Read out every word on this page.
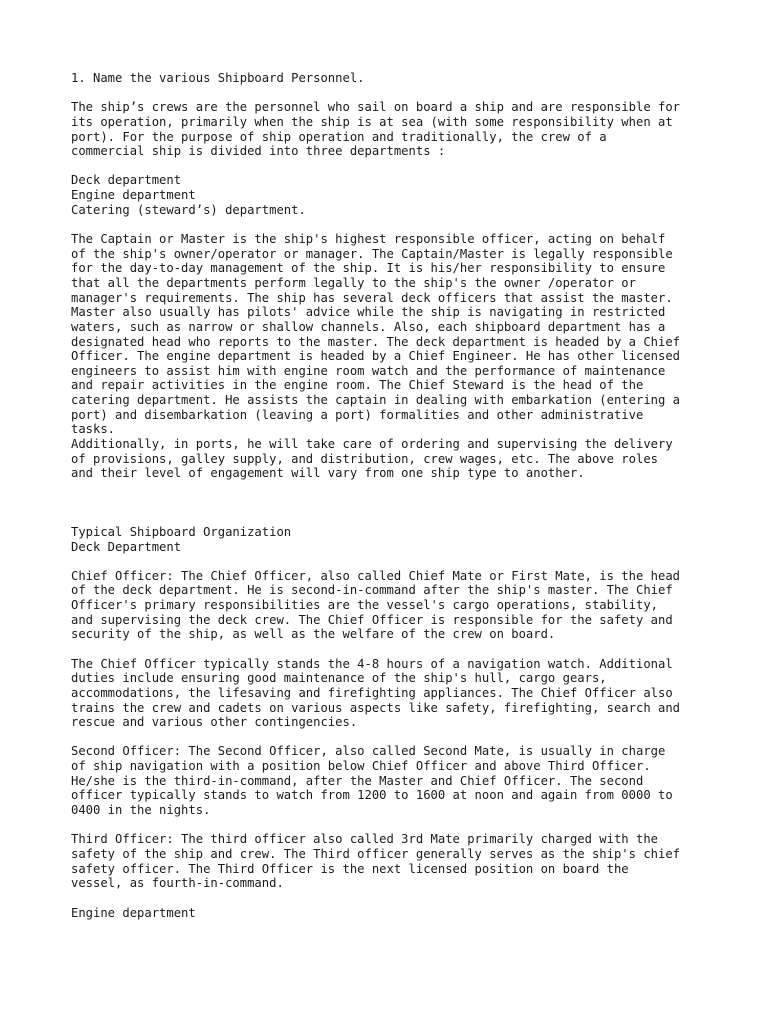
1. Name the various Shipboard Personnel.
The ship’s crews are the personnel who sail on board a ship and are responsible for
its operation, primarily when the ship is at sea (with some responsibility when at
port). For the purpose of ship operation and traditionally, the crew of a
commercial ship is divided into three departments :
Deck department
Engine department
Catering (steward’s) department.
The Captain or Master is the ship's highest responsible officer, acting on behalf
of the ship's owner/operator or manager. The Captain/Master is legally responsible
for the day-to-day management of the ship. It is his/her responsibility to ensure
that all the departments perform legally to the ship's the owner /operator or
manager's requirements. The ship has several deck officers that assist the master.
Master also usually has pilots' advice while the ship is navigating in restricted
waters, such as narrow or shallow channels. Also, each shipboard department has a
designated head who reports to the master. The deck department is headed by a Chief
Officer. The engine department is headed by a Chief Engineer. He has other licensed
engineers to assist him with engine room watch and the performance of maintenance
and repair activities in the engine room. The Chief Steward is the head of the
catering department. He assists the captain in dealing with embarkation (entering a
port) and disembarkation (leaving a port) formalities and other administrative
tasks.
Additionally, in ports, he will take care of ordering and supervising the delivery
of provisions, galley supply, and distribution, crew wages, etc. The above roles
and their level of engagement will vary from one ship type to another.
Typical Shipboard Organization
Deck Department
Chief Officer: The Chief Officer, also called Chief Mate or First Mate, is the head
of the deck department. He is second-in-command after the ship's master. The Chief
Officer's primary responsibilities are the vessel's cargo operations, stability,
and supervising the deck crew. The Chief Officer is responsible for the safety and
security of the ship, as well as the welfare of the crew on board.
The Chief Officer typically stands the 4-8 hours of a navigation watch. Additional
duties include ensuring good maintenance of the ship's hull, cargo gears,
accommodations, the lifesaving and firefighting appliances. The Chief Officer also
trains the crew and cadets on various aspects like safety, firefighting, search and
rescue and various other contingencies.
Second Officer: The Second Officer, also called Second Mate, is usually in charge
of ship navigation with a position below Chief Officer and above Third Officer.
He/she is the third-in-command, after the Master and Chief Officer. The second
officer typically stands to watch from 1200 to 1600 at noon and again from 0000 to
0400 in the nights.
Third Officer: The third officer also called 3rd Mate primarily charged with the
safety of the ship and crew. The Third officer generally serves as the ship's chief
safety officer. The Third Officer is the next licensed position on board the
vessel, as fourth-in-command.
Engine department
